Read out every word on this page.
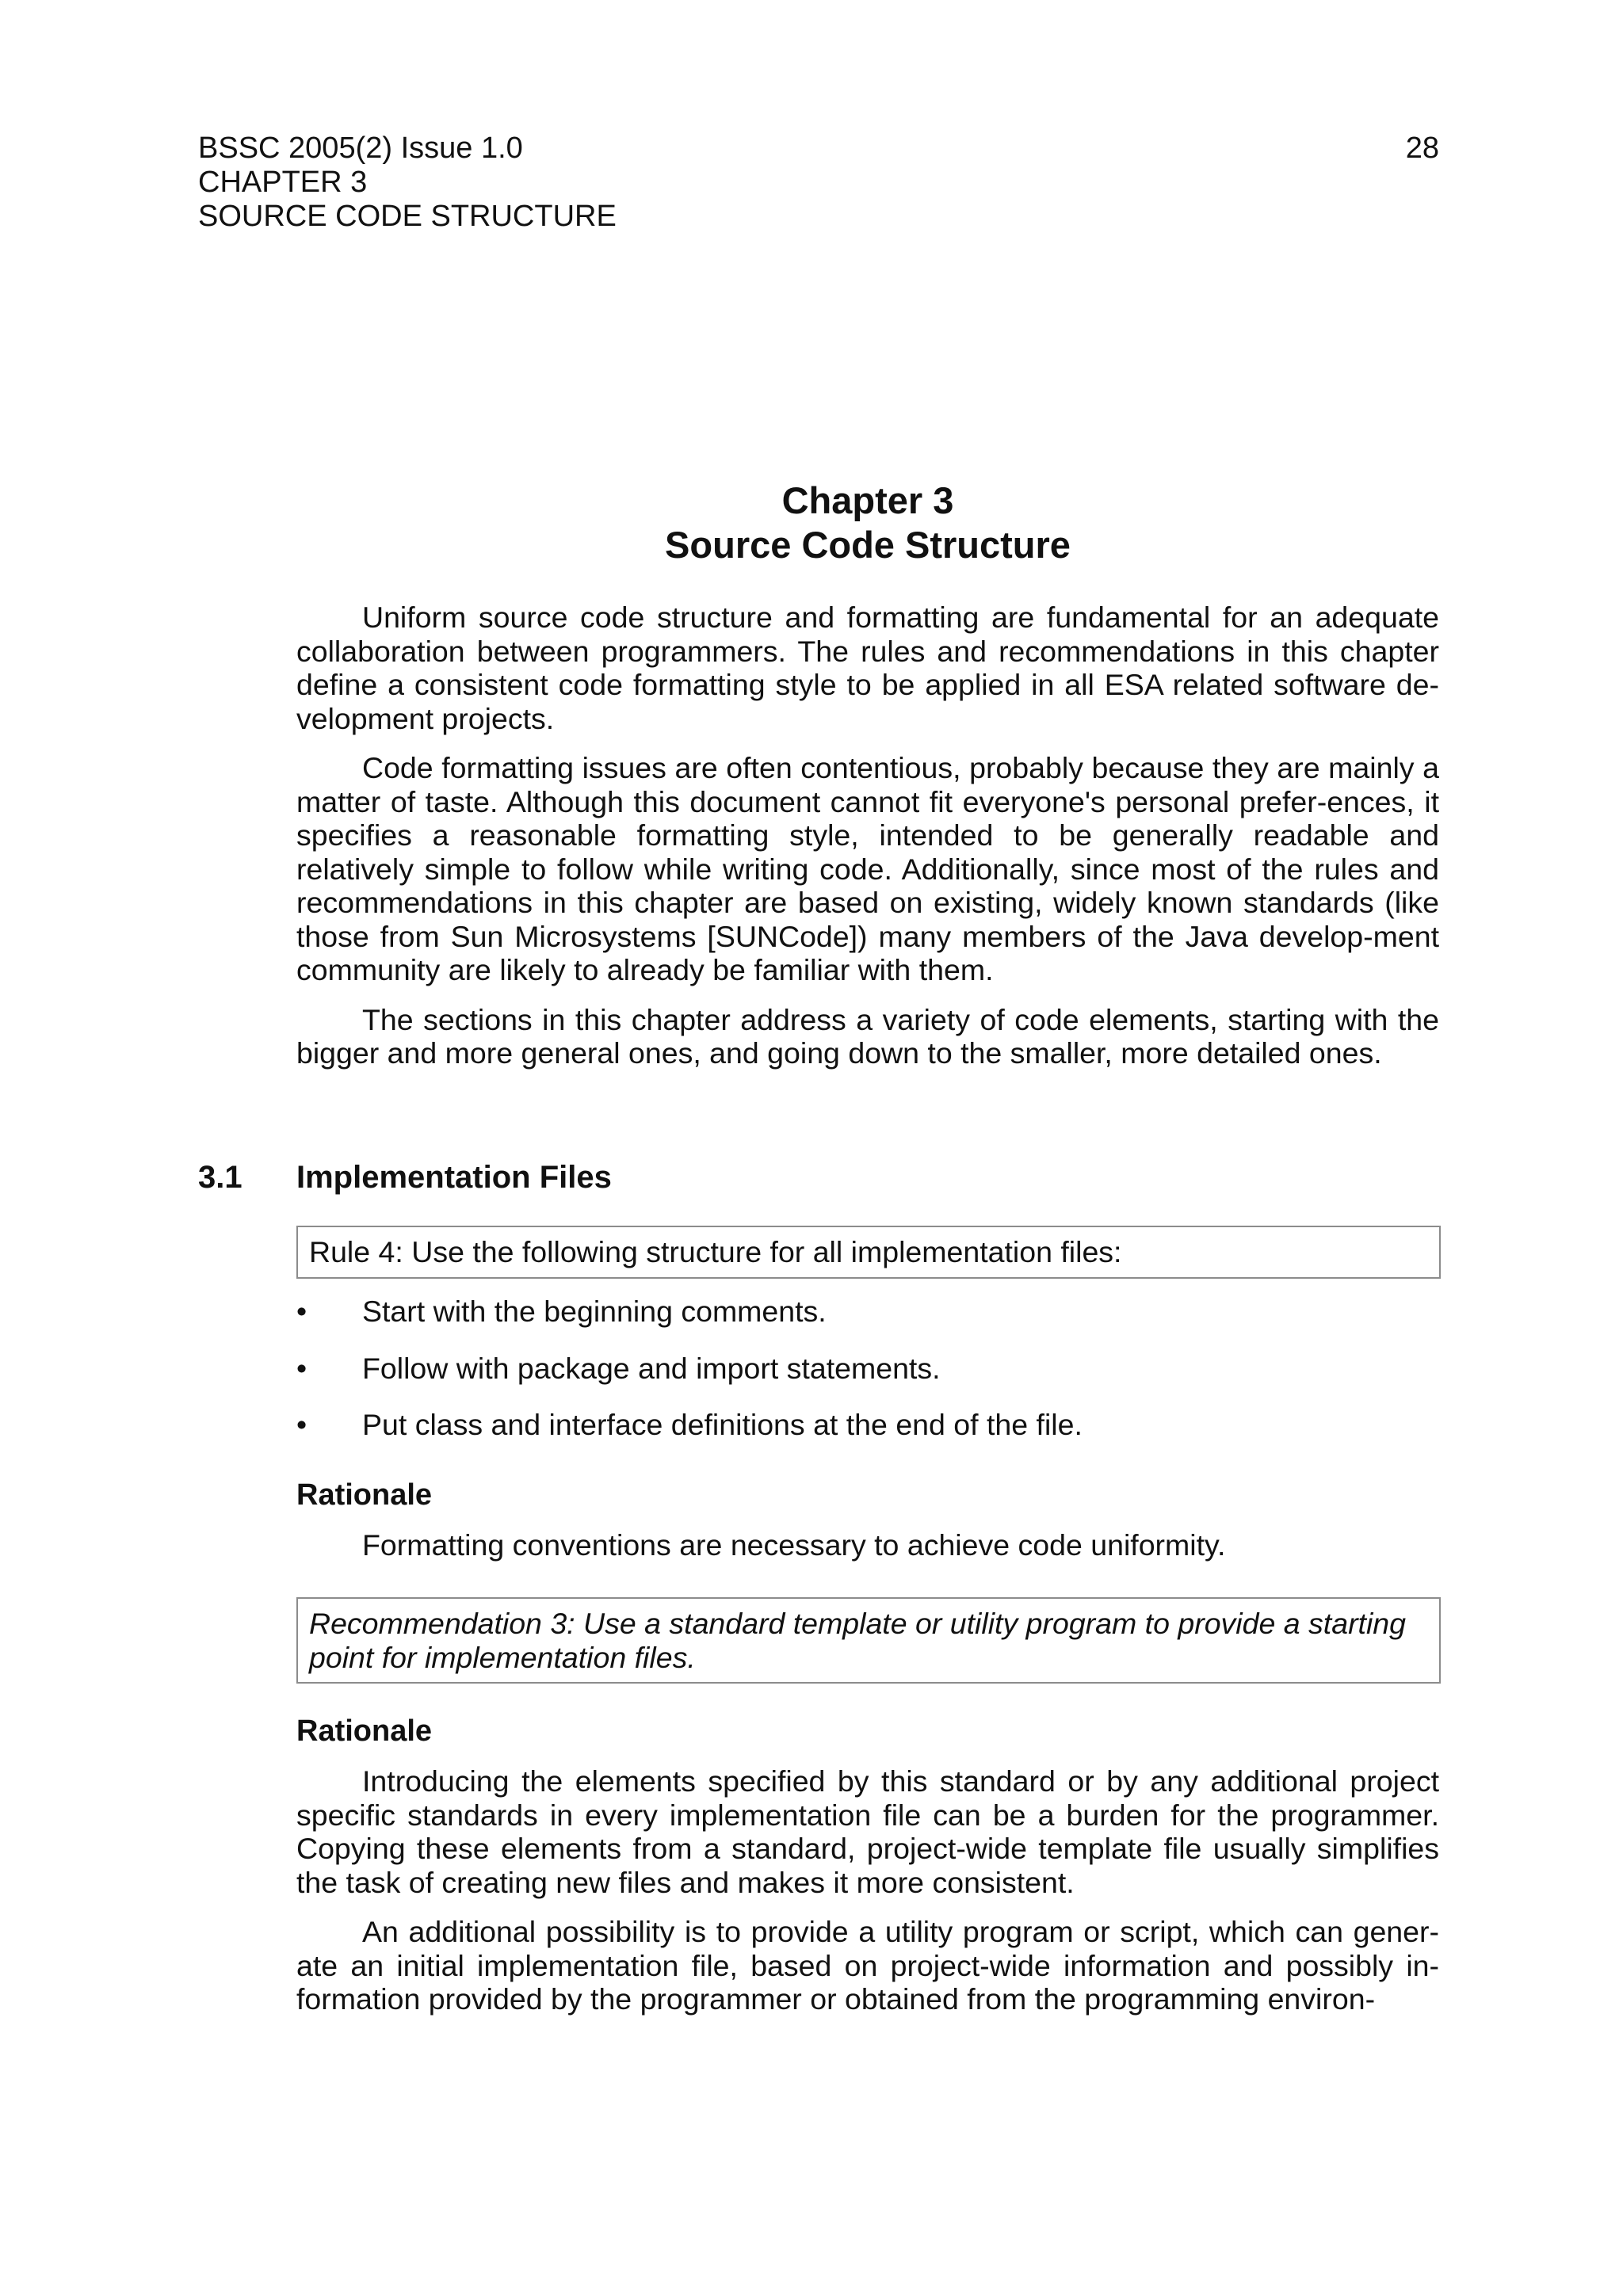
BSSC 2005(2) Issue 1.0
CHAPTER 3
SOURCE CODE STRUCTURE
28
Chapter 3
Source Code Structure

Uniform source code structure and formatting are fundamental for an adequate collaboration between programmers. The rules and recommendations in this chapter define a consistent code formatting style to be applied in all ESA related software de-velopment projects.

Code formatting issues are often contentious, probably because they are mainly a matter of taste. Although this document cannot fit everyone's personal prefer-ences, it specifies a reasonable formatting style, intended to be generally readable and relatively simple to follow while writing code. Additionally, since most of the rules and recommendations in this chapter are based on existing, widely known standards (like those from Sun Microsystems [SUNCode]) many members of the Java develop-ment community are likely to already be familiar with them.

The sections in this chapter address a variety of code elements, starting with the bigger and more general ones, and going down to the smaller, more detailed ones.

3.1 Implementation Files
Rule 4: Use the following structure for all implementation files:
• Start with the beginning comments.
• Follow with package and import statements.
• Put class and interface definitions at the end of the file.
Rationale

Formatting conventions are necessary to achieve code uniformity.

Recommendation 3: Use a standard template or utility program to provide a starting point for implementation files.
Rationale

Introducing the elements specified by this standard or by any additional project specific standards in every implementation file can be a burden for the programmer. Copying these elements from a standard, project-wide template file usually simplifies the task of creating new files and makes it more consistent.

An additional possibility is to provide a utility program or script, which can gener-ate an initial implementation file, based on project-wide information and possibly in-formation provided by the programmer or obtained from the programming environ-
